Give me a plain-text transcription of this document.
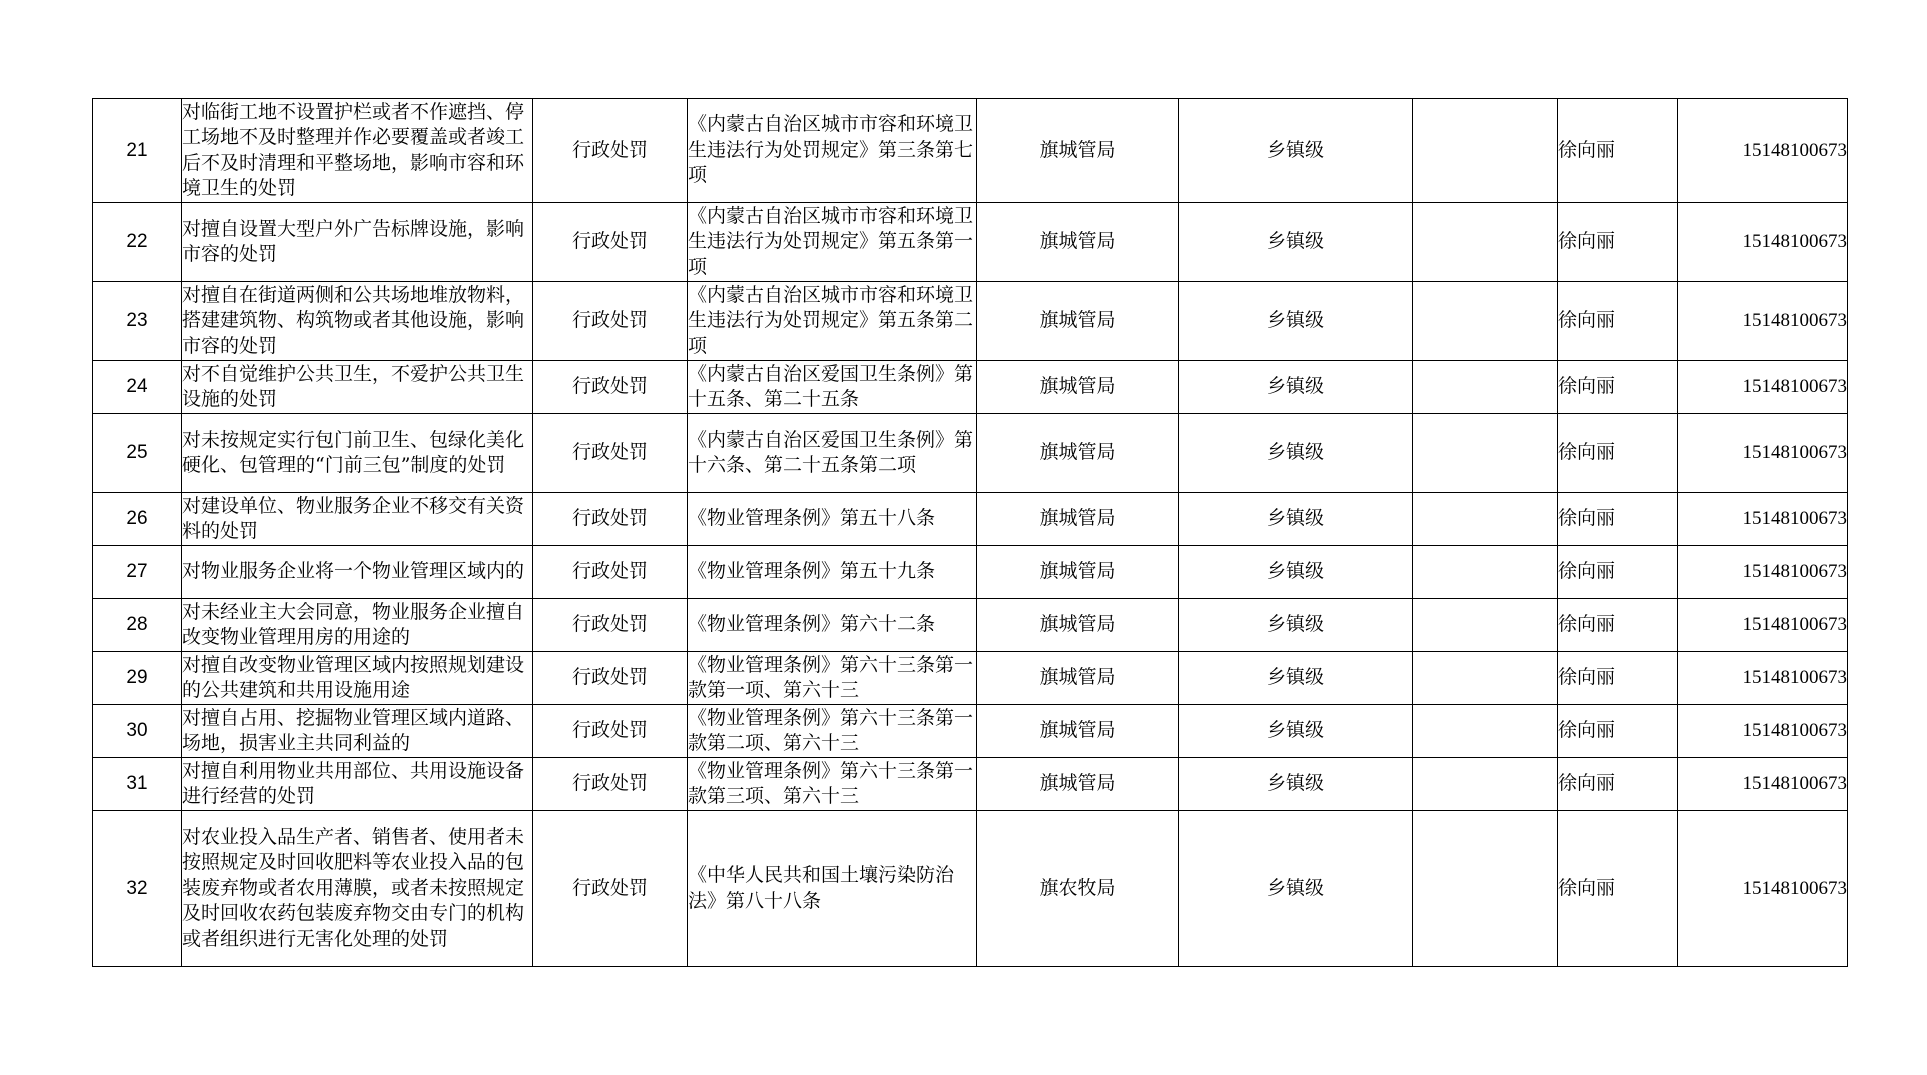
21	对临街工地不设置护栏或者不作遮挡、停工场地不及时整理并作必要覆盖或者竣工后不及时清理和平整场地，影响市容和环境卫生的处罚	行政处罚	《内蒙古自治区城市市容和环境卫生违法行为处罚规定》第三条第七项	旗城管局	乡镇级		徐向丽	15148100673

22	对擅自设置大型户外广告标牌设施，影响市容的处罚	行政处罚	《内蒙古自治区城市市容和环境卫生违法行为处罚规定》第五条第一项	旗城管局	乡镇级		徐向丽	15148100673

23	对擅自在街道两侧和公共场地堆放物料，搭建建筑物、构筑物或者其他设施，影响市容的处罚	行政处罚	《内蒙古自治区城市市容和环境卫生违法行为处罚规定》第五条第二项	旗城管局	乡镇级		徐向丽	15148100673

24	对不自觉维护公共卫生，不爱护公共卫生设施的处罚	行政处罚	《内蒙古自治区爱国卫生条例》第十五条、第二十五条	旗城管局	乡镇级		徐向丽	15148100673

25	对未按规定实行包门前卫生、包绿化美化硬化、包管理的“门前三包”制度的处罚	行政处罚	《内蒙古自治区爱国卫生条例》第十六条、第二十五条第二项	旗城管局	乡镇级		徐向丽	15148100673

26	对建设单位、物业服务企业不移交有关资料的处罚	行政处罚	《物业管理条例》第五十八条	旗城管局	乡镇级		徐向丽	15148100673

27	对物业服务企业将一个物业管理区域内的	行政处罚	《物业管理条例》第五十九条	旗城管局	乡镇级		徐向丽	15148100673

28	对未经业主大会同意，物业服务企业擅自改变物业管理用房的用途的	行政处罚	《物业管理条例》第六十二条	旗城管局	乡镇级		徐向丽	15148100673

29	对擅自改变物业管理区域内按照规划建设的公共建筑和共用设施用途	行政处罚	《物业管理条例》第六十三条第一款第一项、第六十三	旗城管局	乡镇级		徐向丽	15148100673

30	对擅自占用、挖掘物业管理区域内道路、场地，损害业主共同利益的	行政处罚	《物业管理条例》第六十三条第一款第二项、第六十三	旗城管局	乡镇级		徐向丽	15148100673

31	对擅自利用物业共用部位、共用设施设备进行经营的处罚	行政处罚	《物业管理条例》第六十三条第一款第三项、第六十三	旗城管局	乡镇级		徐向丽	15148100673

32	对农业投入品生产者、销售者、使用者未按照规定及时回收肥料等农业投入品的包装废弃物或者农用薄膜，或者未按照规定及时回收农药包装废弃物交由专门的机构或者组织进行无害化处理的处罚	行政处罚	《中华人民共和国土壤污染防治法》第八十八条	旗农牧局	乡镇级		徐向丽	15148100673
